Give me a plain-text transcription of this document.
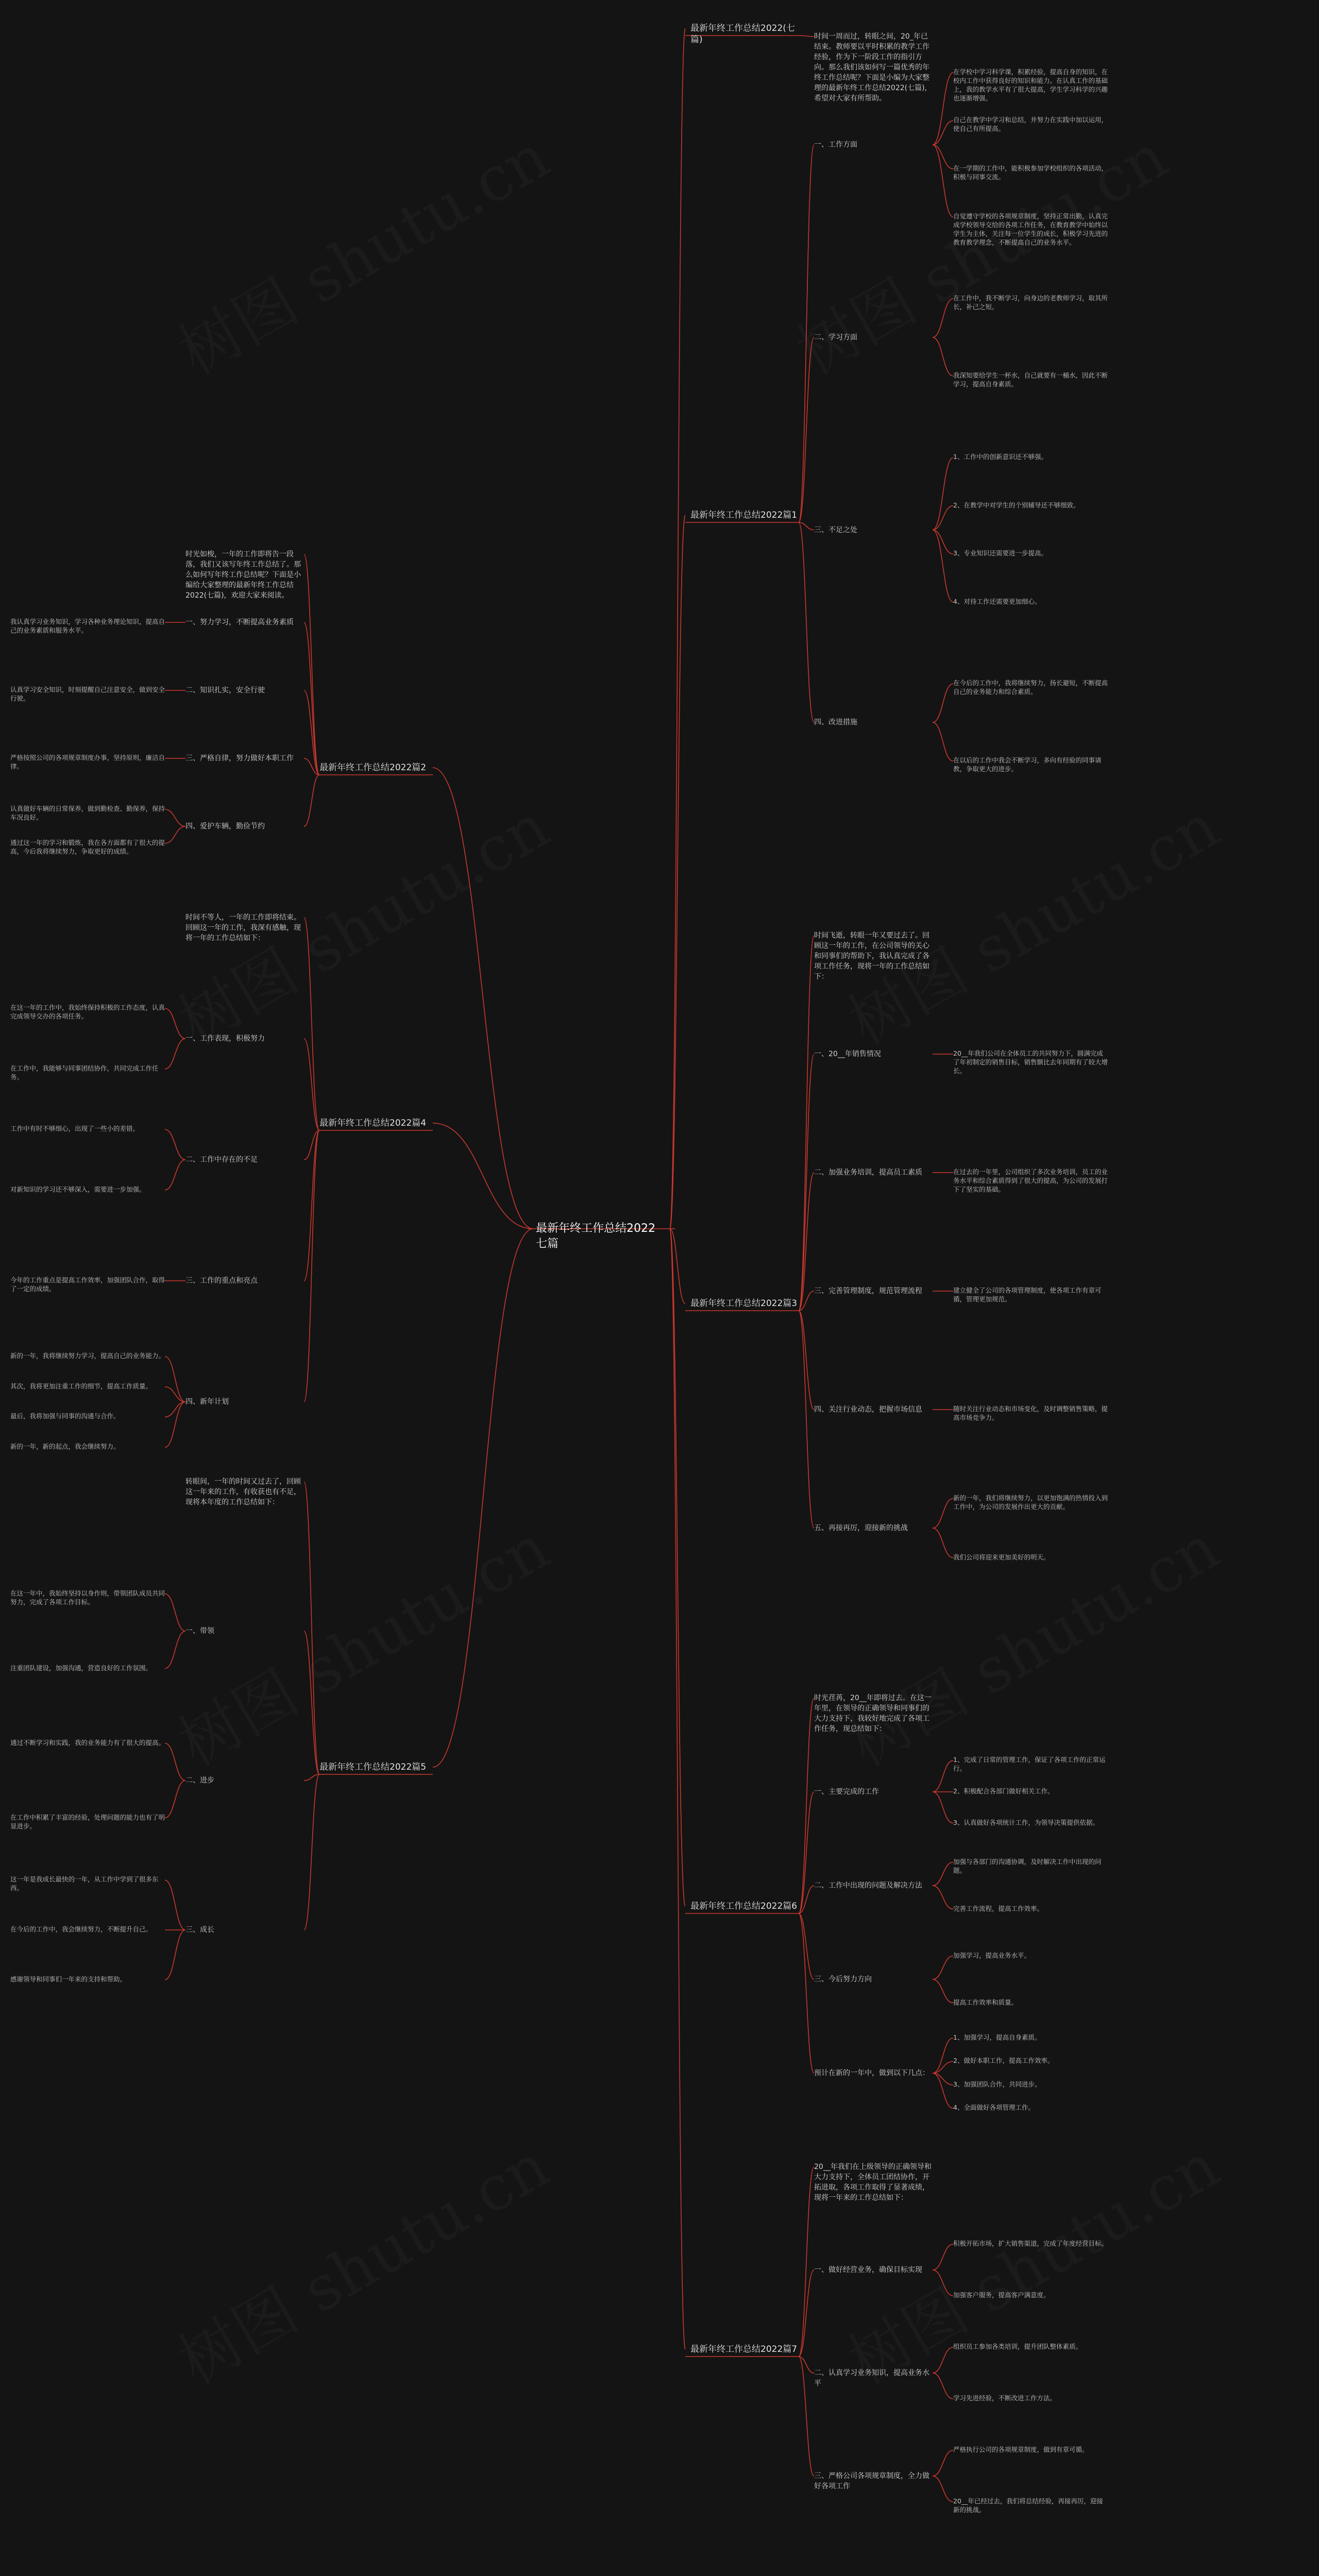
最新年终工作总结2022七篇
最新年终工作总结2022(七篇)	时间一周而过，转眼之间，20_年已结束。教师要以平时积累的教学工作经验，作为下一阶段工作的指引方向。那么我们该如何写一篇优秀的年终工作总结呢？下面是小编为大家整理的最新年终工作总结2022(七篇)，希望对大家有所帮助。
最新年终工作总结2022篇1
一、工作方面
在学校中学习科学课，积累经验，提高自身的知识，在校内工作中获得良好的知识和能力。在认真工作的基础上，我的教学水平有了很大提高，学生学习科学的兴趣也逐渐增强。
自己在教学中学习和总结，并努力在实践中加以运用，使自己有所提高。
在一学期的工作中，能积极参加学校组织的各项活动，积极与同事交流。
自觉遵守学校的各项规章制度，坚持正常出勤，认真完成学校领导交给的各项工作任务，在教育教学中始终以学生为主体，关注每一位学生的成长，积极学习先进的教育教学理念，不断提高自己的业务水平。
二、学习方面
在工作中，我不断学习，向身边的老教师学习，取其所长，补己之短。
我深知要给学生一杯水，自己就要有一桶水，因此不断学习，提高自身素质。
三、不足之处
1、工作中的创新意识还不够强。
2、在教学中对学生的个别辅导还不够细致。
3、专业知识还需要进一步提高。
4、对待工作还需要更加细心。
四、改进措施
在今后的工作中，我将继续努力，扬长避短，不断提高自己的业务能力和综合素质。
在以后的工作中我会不断学习，多向有经验的同事请教，争取更大的进步。
最新年终工作总结2022篇2
时光如梭，一年的工作即将告一段落，我们又该写年终工作总结了。那么如何写年终工作总结呢？下面是小编给大家整理的最新年终工作总结2022(七篇)，欢迎大家来阅读。
一、努力学习，不断提高业务素质
我认真学习业务知识，学习各种业务理论知识，提高自己的业务素质和服务水平。
二、知识扎实，安全行驶
认真学习安全知识，时刻提醒自己注意安全，做到安全行驶。
三、严格自律，努力做好本职工作
严格按照公司的各项规章制度办事，坚持原则，廉洁自律。
四、爱护车辆，勤俭节约
认真做好车辆的日常保养，做到勤检查、勤保养，保持车况良好。
通过这一年的学习和锻炼，我在各方面都有了很大的提高，今后我将继续努力，争取更好的成绩。
最新年终工作总结2022篇3
时间飞逝，转眼一年又要过去了。回顾这一年的工作，在公司领导的关心和同事们的帮助下，我认真完成了各项工作任务，现将一年的工作总结如下：
一、20__年销售情况	20__年我们公司在全体员工的共同努力下，圆满完成了年初制定的销售目标，销售额比去年同期有了较大增长。
二、加强业务培训，提高员工素质	在过去的一年里，公司组织了多次业务培训，员工的业务水平和综合素质得到了很大的提高，为公司的发展打下了坚实的基础。
三、完善管理制度，规范管理流程	建立健全了公司的各项管理制度，使各项工作有章可循，管理更加规范。
四、关注行业动态，把握市场信息	随时关注行业动态和市场变化，及时调整销售策略，提高市场竞争力。
五、再接再厉，迎接新的挑战
新的一年，我们将继续努力，以更加饱满的热情投入到工作中，为公司的发展作出更大的贡献。
我们公司将迎来更加美好的明天。
最新年终工作总结2022篇4
时间不等人，一年的工作即将结束。回顾这一年的工作，我深有感触，现将一年的工作总结如下：
一、工作表现，积极努力
在这一年的工作中，我始终保持积极的工作态度，认真完成领导交办的各项任务。
在工作中，我能够与同事团结协作，共同完成工作任务。
二、工作中存在的不足
工作中有时不够细心，出现了一些小的差错。
对新知识的学习还不够深入，需要进一步加强。
三、工作的重点和亮点
今年的工作重点是提高工作效率，加强团队合作，取得了一定的成绩。
四、新年计划
新的一年，我将继续努力学习，提高自己的业务能力。
其次，我将更加注重工作的细节，提高工作质量。
最后，我将加强与同事的沟通与合作。
新的一年，新的起点，我会继续努力。
最新年终工作总结2022篇5
转眼间，一年的时间又过去了，回顾这一年来的工作，有收获也有不足，现将本年度的工作总结如下：
一、带领
在这一年中，我始终坚持以身作则，带领团队成员共同努力，完成了各项工作目标。
注重团队建设，加强沟通，营造良好的工作氛围。
二、进步
通过不断学习和实践，我的业务能力有了很大的提高。
在工作中积累了丰富的经验，处理问题的能力也有了明显进步。
三、成长
这一年是我成长最快的一年，从工作中学到了很多东西。
在今后的工作中，我会继续努力，不断提升自己。
感谢领导和同事们一年来的支持和帮助。
最新年终工作总结2022篇6
时光荏苒，20__年即将过去。在这一年里，在领导的正确领导和同事们的大力支持下，我较好地完成了各项工作任务，现总结如下：
一、主要完成的工作
1、完成了日常的管理工作，保证了各项工作的正常运行。
2、积极配合各部门做好相关工作。
3、认真做好各项统计工作，为领导决策提供依据。
二、工作中出现的问题及解决方法
加强与各部门的沟通协调，及时解决工作中出现的问题。
完善工作流程，提高工作效率。
三、今后努力方向
加强学习，提高业务水平。
提高工作效率和质量。
预计在新的一年中，做到以下几点：
1、加强学习，提高自身素质。
2、做好本职工作，提高工作效率。
3、加强团队合作，共同进步。
4、全面做好各项管理工作。
最新年终工作总结2022篇7
20__年我们在上级领导的正确领导和大力支持下，全体员工团结协作，开拓进取，各项工作取得了显著成绩，现将一年来的工作总结如下：
一、做好经营业务，确保目标实现
积极开拓市场，扩大销售渠道，完成了年度经营目标。
加强客户服务，提高客户满意度。
二、认真学习业务知识，提高业务水平
组织员工参加各类培训，提升团队整体素质。
学习先进经验，不断改进工作方法。
三、严格公司各项规章制度，全力做好各项工作
严格执行公司的各项规章制度，做到有章可循。
20__年已经过去，我们将总结经验，再接再厉，迎接新的挑战。
